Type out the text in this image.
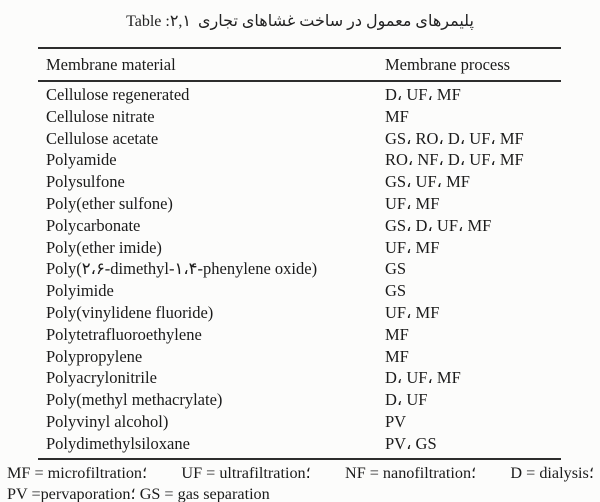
Table :۲,۱ پلیمرهای معمول در ساخت غشاهای تجاری
Membrane material	Membrane process
Cellulose regenerated	D، UF، MF
Cellulose nitrate	MF
Cellulose acetate	GS، RO، D، UF، MF
Polyamide	RO، NF، D، UF، MF
Polysulfone	GS، UF، MF
Poly(ether sulfone)	UF، MF
Polycarbonate	GS، D، UF، MF
Poly(ether imide)	UF، MF
Poly(۲،۶-dimethyl-۱،۴-phenylene oxide)	GS
Polyimide	GS
Poly(vinylidene fluoride)	UF، MF
Polytetrafluoroethylene	MF
Polypropylene	MF
Polyacrylonitrile	D، UF، MF
Poly(methyl methacrylate)	D، UF
Polyvinyl alcohol)	PV
Polydimethylsiloxane	PV، GS
MF = microfiltration؛ UF = ultrafiltration؛ NF = nanofiltration؛ D = dialysis؛
PV =pervaporation؛ GS = gas separation
